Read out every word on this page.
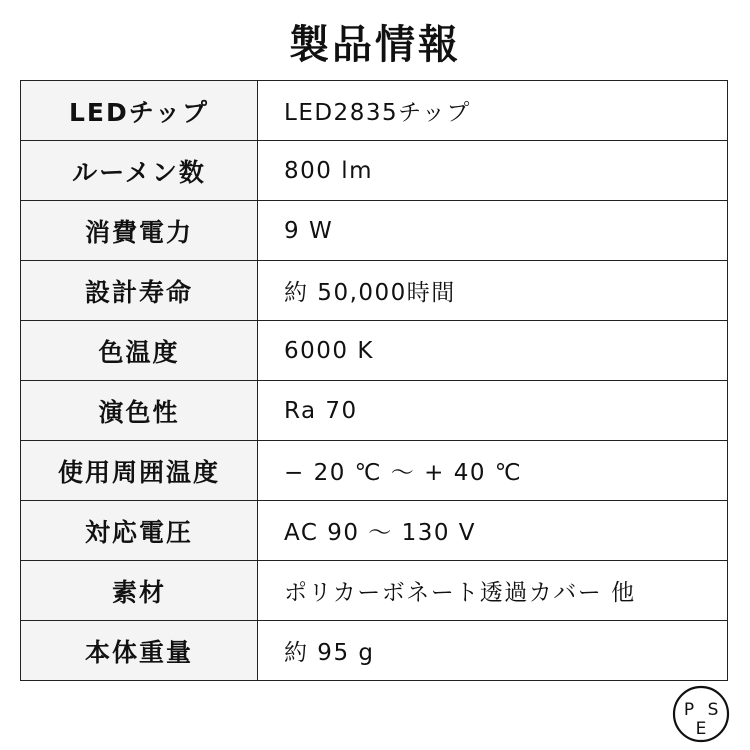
製品情報
LEDチップ	LED2835チップ
ルーメン数	800 lm
消費電力	9 W
設計寿命	約 50,000時間
色温度	6000 K
演色性	Ra 70
使用周囲温度	− 20 ℃ ～ + 40 ℃
対応電圧	AC 90 ～ 130 V
素材	ポリカーボネート透過カバー 他
本体重量	約 95 g
P S
E
